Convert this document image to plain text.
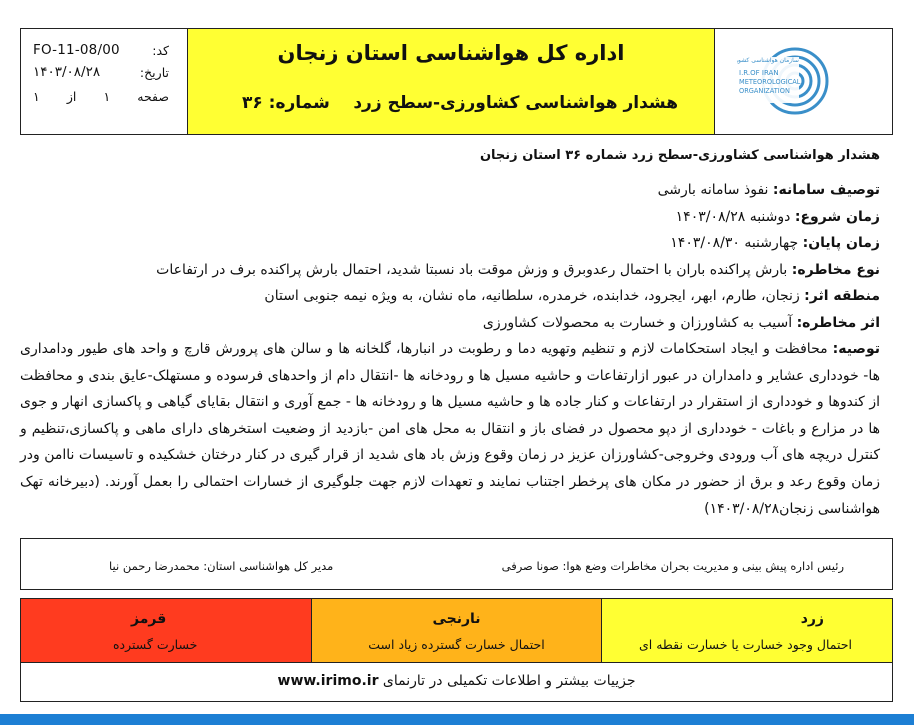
FO-11-08/00	کد:
۱۴۰۳/۰۸/۲۸	تاریخ:
صفحه
۱
از
۱
اداره کل هواشناسی استان زنجان
هشدار هواشناسی کشاورزی-سطح زرد
شماره: ۳۶
سازمان هواشناسی کشور
I.R.OF IRAN
METEOROLOGICAL
ORGANIZATION

هشدار هواشناسی کشاورزی-سطح زرد شماره ۳۶ استان زنجان

توصیف سامانه: نفوذ سامانه بارشی

زمان شروع: دوشنبه ۱۴۰۳/۰۸/۲۸

زمان پایان: چهارشنبه ۱۴۰۳/۰۸/۳۰

نوع مخاطره: بارش پراکنده باران با احتمال رعدوبرق و وزش موقت باد نسبتا شدید، احتمال بارش پراکنده برف در ارتفاعات

منطقه اثر: زنجان، طارم، ابهر، ایجرود، خدابنده، خرمدره، سلطانیه، ماه نشان، به ویژه نیمه جنوبی استان

اثر مخاطره: آسیب به کشاورزان و خسارت به محصولات کشاورزی

توصیه: محافظت و ایجاد استحکامات لازم و تنظیم وتهویه دما و رطوبت در انبارها، گلخانه ها و سالن های پرورش قارچ و واحد های طیور ودامداری ها- خودداری عشایر و دامداران در عبور ازارتفاعات و حاشیه مسیل ها و رودخانه ها -انتقال دام از واحدهای فرسوده و مستهلک-عایق بندی و محافظت از کندوها و خودداری از استقرار در ارتفاعات و کنار جاده ها و حاشیه مسیل ها و رودخانه ها - جمع آوری و انتقال بقایای گیاهی و پاکسازی انهار و جوی ها در مزارع و باغات - خودداری از دپو محصول در فضای باز و انتقال به محل های امن -بازدید از وضعیت استخرهای دارای ماهی و پاکسازی،تنظیم و کنترل دریچه های آب ورودی وخروجی-کشاورزان عزیز در زمان وقوع وزش باد های شدید از قرار گیری در کنار درختان خشکیده و تاسیسات ناامن ودر زمان وقوع رعد و برق از حضور در مکان های پرخطر اجتناب نمایند و تعهدات لازم جهت جلوگیری از خسارات احتمالی را بعمل آورند. (دبیرخانه تهک هواشناسی زنجان۱۴۰۳/۰۸/۲۸)

رئیس اداره پیش بینی و مدیریت بحران مخاطرات وضع هوا: صونا صرفی
مدیر کل هواشناسی استان: محمدرضا رحمن نیا
زرد
احتمال وجود خسارت یا خسارت نقطه ای
نارنجی
احتمال خسارت گسترده زیاد است
قرمز
خسارت گسترده
جزییات بیشتر و اطلاعات تکمیلی در تارنمای www.irimo.ir
